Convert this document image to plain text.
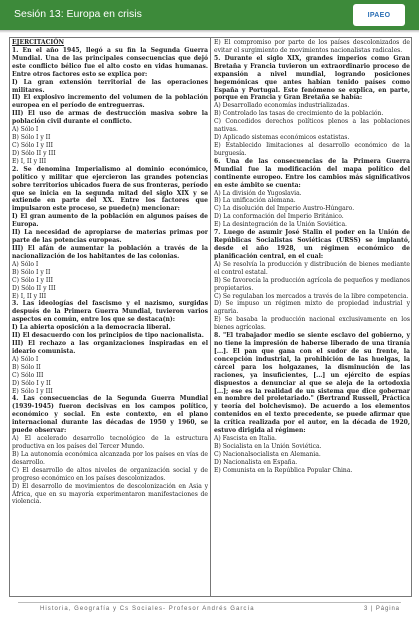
Sesión 13: Europa en crisis	IPAEO

EJERCITACIÓN

1. En el año 1945, llegó a su fin la Segunda Guerra Mundial. Una de las principales consecuencias que dejó este conflicto bélico fue el alto costo en vidas humanas. Entre otros factores esto se explica por:

I) La gran extensión territorial de las operaciones militares.

II) El explosivo incremento del volumen de la población europea en el período de entreguerras.

III) El uso de armas de destrucción masiva sobre la población civil durante el conflicto.

A) Sólo I

B) Sólo I y II

C) Sólo I y III

D) Sólo II y III

E) I, II y III

2. Se denomina Imperialismo al dominio económico, político y militar que ejercieron las grandes potencias sobre territorios ubicados fuera de sus fronteras, período que se inicia en la segunda mitad del siglo XIX y se extiende en parte del XX. Entre los factores que impulsaron este proceso, se puede(n) mencionar:

I) El gran aumento de la población en algunos países de Europa.

II) La necesidad de apropiarse de materias primas por parte de las potencias europeas.

III) El afán de aumentar la población a través de la nacionalización de los habitantes de las colonias.

A) Sólo I

B) Sólo I y II

C) Sólo I y III

D) Sólo II y III

E) I, II y III

3. Las ideologías del fascismo y el nazismo, surgidas después de la Primera Guerra Mundial, tuvieron varios aspectos en común, entre los que se destaca(n):

I) La abierta oposición a la democracia liberal.

II) El desacuerdo con los principios de tipo nacionalista.

III) El rechazo a las organizaciones inspiradas en el ideario comunista.

A) Sólo I

B) Sólo II

C) Sólo III

D) Sólo I y II

E) Sólo I y III

4. Las consecuencias de la Segunda Guerra Mundial (1939-1945) fueron decisivas en los campos político, económico y social. En este contexto, en el plano internacional durante las décadas de 1950 y 1960, se puede observar:

A) El acelerado desarrollo tecnológico de la estructura productiva en los países del Tercer Mundo.

B) La autonomía económica alcanzada por los países en vías de desarrollo.

C) El desarrollo de altos niveles de organización social y de progreso económico en los países descolonizados.

D) El desarrollo de movimientos de descolonización en Asia y África, que en su mayoría experimentaron manifestaciones de violencia.

E) El compromiso por parte de los países descolonizados de evitar el surgimiento de movimientos nacionalistas radicales.

5. Durante el siglo XIX, grandes imperios como Gran Bretaña y Francia tuvieron un extraordinario proceso de expansión a nivel mundial, logrando posiciones hegemónicas que antes habían tenido países como España y Portugal. Este fenómeno se explica, en parte, porque en Francia y Gran Bretaña se había:

A) Desarrollado economías industrializadas.

B) Controlado las tasas de crecimiento de la población.

C) Concedidos derechos políticos plenos a las poblaciones nativas.

D) Aplicado sistemas económicos estatistas.

E) Establecido limitaciones al desarrollo económico de la burguesía.

6. Una de las consecuencias de la Primera Guerra Mundial fue la modificación del mapa político del continente europeo. Entre los cambios más significativos en este ámbito se cuenta:

A) La división de Yugoslavia.

B) La unificación alemana.

C) La disolución del Imperio Austro-Húngaro.

D) La conformación del Imperio Británico.

E) La desintegración de la Unión Soviética.

7. Luego de asumir José Stalin el poder en la Unión de Repúblicas Socialistas Soviéticas (URSS) se implantó, desde el año 1928, un régimen económico de planificación central, en el cual:

A) Se resolvía la producción y distribución de bienes mediante el control estatal.

B) Se favorecía la producción agrícola de pequeños y medianos propietarios.

C) Se regulaban los mercados a través de la libre competencia.

D) Se impuso un régimen mixto de propiedad industrial y agraria.

E) Se basaba la producción nacional exclusivamente en los bienes agrícolas.

8. "El trabajador medio se siente esclavo del gobierno, y no tiene la impresión de haberse liberado de una tiranía [...]. El pan que gana con el sudor de su frente, la concepción industrial, la prohibición de las huelgas, la cárcel para los holgazanes, la disminución de las raciones, ya insuficientes, [...] un ejército de espías dispuestos a denunciar al que se aleja de la ortodoxia [...]; ese es la realidad de un sistema que dice gobernar en nombre del proletariado." (Bertrand Russell, Práctica y teoría del bolchevismo). De acuerdo a los elementos contenidos en el texto precedente, se puede afirmar que la crítica realizada por el autor, en la década de 1920, estuvo dirigida al régimen:

A) Fascista en Italia.

B) Socialista en la Unión Soviética.

C) Nacionalsocialista en Alemania.

D) Nacionalista en España.

E) Comunista en la República Popular China.

Historia, Geografía y Cs Sociales- Profesor Andrés García	3 | Página
